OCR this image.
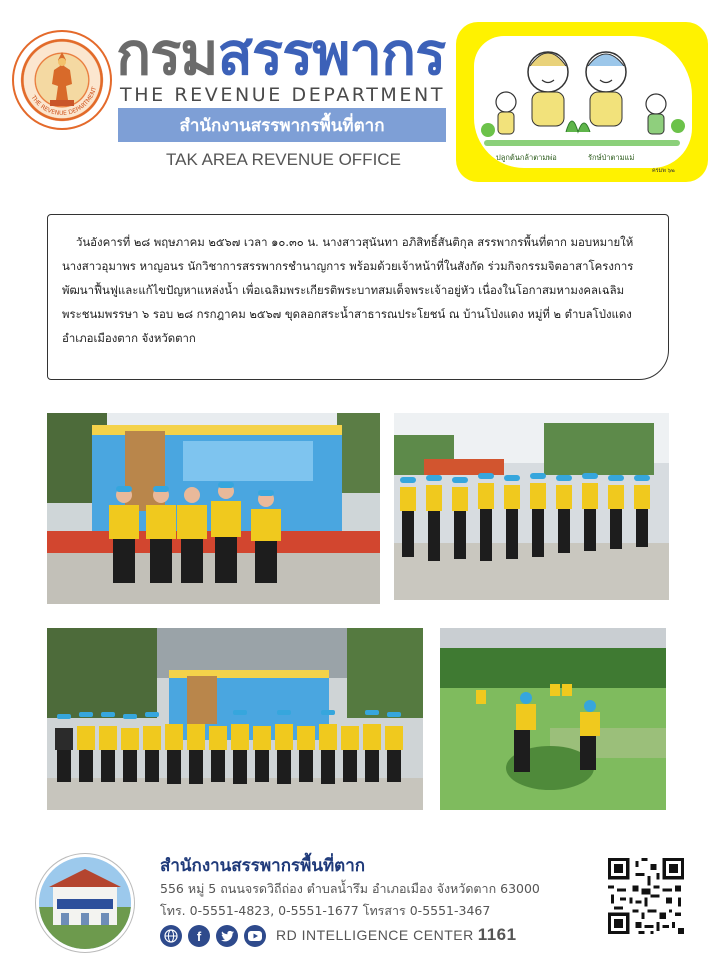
THE REVENUE DEPARTMENT
กรมสรรพากร
THE REVENUE DEPARTMENT
สำนักงานสรรพากรพื้นที่ตาก
TAK AREA REVENUE OFFICE	ปลูกต้นกล้าตามพ่อ	รักษ์ป่าตามแม่
ครมพ ๖๒

วันอังคารที่ ๒๘ พฤษภาคม ๒๕๖๗ เวลา ๑๐.๓๐ น. นางสาวสุนันทา อภิสิทธิ์สันติกุล สรรพากรพื้นที่ตาก มอบหมายให้ นางสาวอุมาพร หาญอนร นักวิชาการสรรพากรชำนาญการ พร้อมด้วยเจ้าหน้าที่ในสังกัด ร่วมกิจกรรมจิตอาสาโครงการพัฒนาฟื้นฟูและแก้ไขปัญหาแหล่งน้ำ เพื่อเฉลิมพระเกียรติพระบาทสมเด็จพระเจ้าอยู่หัว เนื่องในโอกาสมหามงคลเฉลิมพระชนมพรรษา ๖ รอบ ๒๘ กรกฎาคม ๒๕๖๗ ขุดลอกสระน้ำสาธารณประโยชน์ ณ บ้านโป่งแดง หมู่ที่ ๒ ตำบลโป่งแดง อำเภอเมืองตาก จังหวัดตาก

สำนักงานสรรพากรพื้นที่ตาก
556 หมู่ 5 ถนนจรดวิถีถ่อง ตำบลน้ำรึม อำเภอเมือง จังหวัดตาก 63000
โทร. 0-5551-4823, 0-5551-1677 โทรสาร 0-5551-3467
f	RD INTELLIGENCE CENTER 1161
